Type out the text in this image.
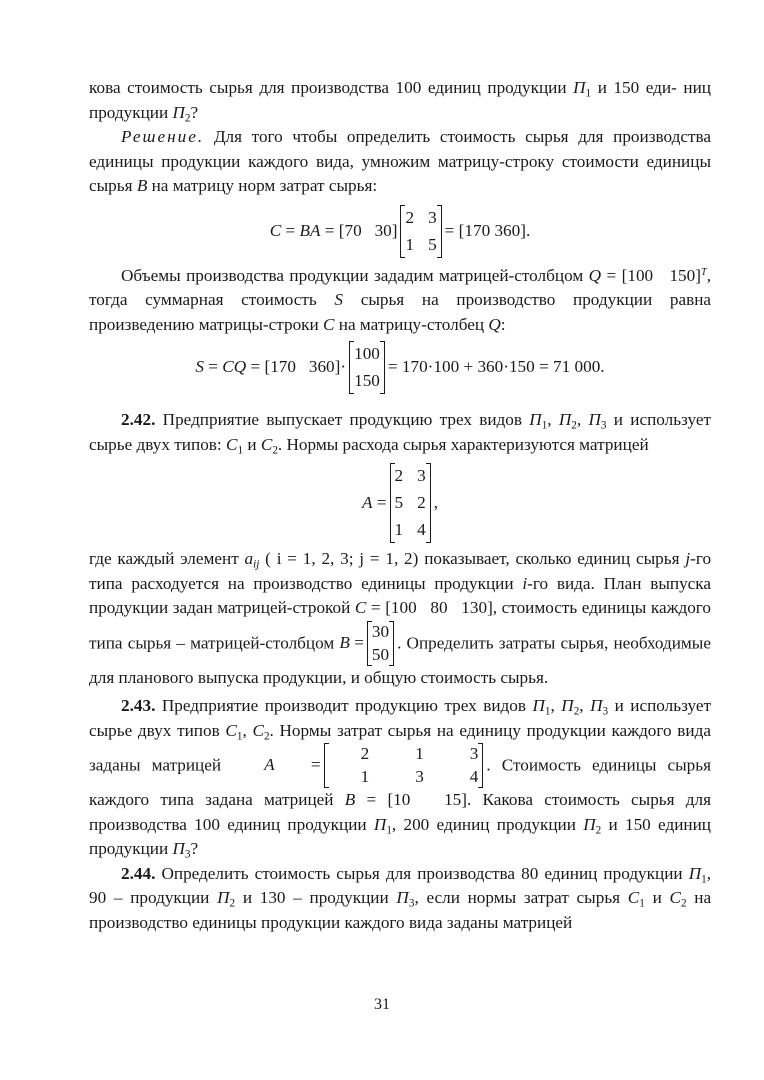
кова стоимость сырья для производства 100 единиц продукции $П_1$ и 150 еди- ниц продукции $П_2$?

Решение. Для того чтобы определить стоимость сырья для производства единицы продукции каждого вида, умножим матрицу-строку стоимости единицы сырья B на матрицу норм затрат сырья:

C = BA = [70   30]
2 3
1 5
= [170 360].

Объемы производства продукции зададим матрицей-столбцом Q = [100   150]$^T$, тогда суммарная стоимость S сырья на производство продукции равна произведению матрицы-строки C на матрицу-столбец Q:

S = CQ = [170   360]·
100
150
= 170·100 + 360·150 = 71 000.

2.42. Предприятие выпускает продукцию трех видов $П_1$, $П_2$, $П_3$ и использует сырье двух типов: $C_1$ и $C_2$. Нормы расхода сырья характеризуются матрицей

A =
2 3
5 2
1 4
,

где каждый элемент $a_{ij}$ ( i = 1, 2, 3; j = 1, 2) показывает, сколько единиц сырья j-го типа расходуется на производство единицы продукции i-го вида. План выпуска продукции задан матрицей-строкой C = [100   80   130], стоимость единицы каждого типа сырья – матрицей-столбцом B =
30
50
. Определить затраты сырья, необходимые для планового выпуска продукции, и общую стоимость сырья.

2.43. Предприятие производит продукцию трех видов $П_1$, $П_2$, $П_3$ и использует сырье двух типов $C_1$, $C_2$. Нормы затрат сырья на единицу продукции каждого вида заданы матрицей	A =
2	1	3
1	3	4
. Стоимость единицы сырья каждого типа задана матрицей B = [10   15]. Какова стоимость сырья для производства 100 единиц продукции $П_1$, 200 единиц продукции $П_2$ и 150 единиц продукции $П_3$?

2.44. Определить стоимость сырья для производства 80 единиц продукции $П_1$, 90 – продукции $П_2$ и 130 – продукции $П_3$, если нормы затрат сырья $C_1$ и $C_2$ на производство единицы продукции каждого вида заданы матрицей

31
